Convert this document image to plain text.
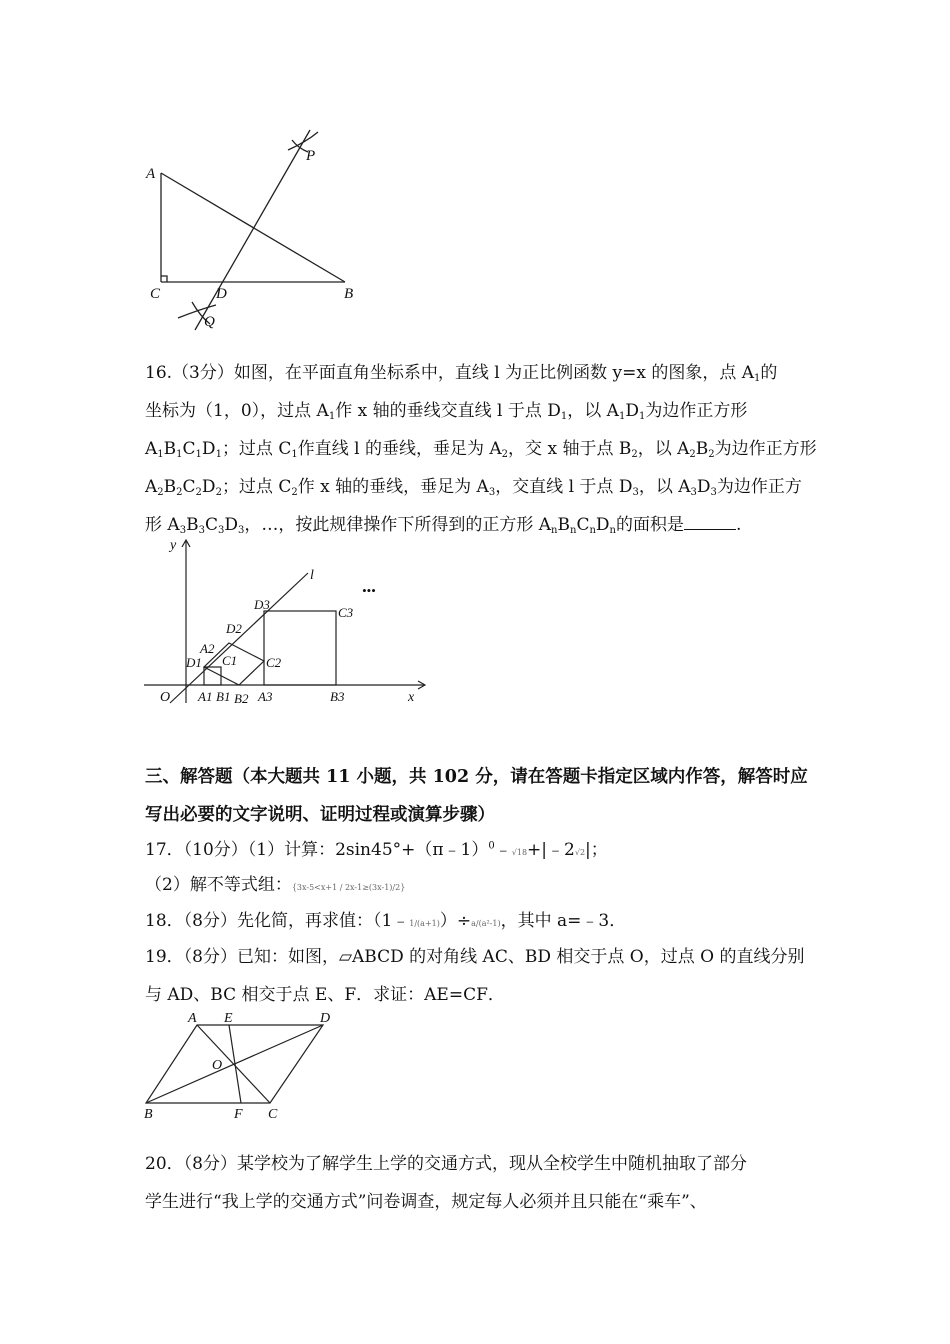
A
P
C	D	B
Q
16.（3分）如图，在平面直角坐标系中，直线 l 为正比例函数 y=x 的图象，点 $A_1$的
坐标为（1，0），过点 $A_1$作 x 轴的垂线交直线 l 于点 $D_1$，以 $A_1D_1$为边作正方形
$A_1B_1C_1D_1$；过点 $C_1$作直线 l 的垂线，垂足为 $A_2$，交 x 轴于点 $B_2$，以 $A_2B_2$为边作正方形
$A_2B_2C_2D_2$；过点 $C_2$作 x 轴的垂线，垂足为 $A_3$，交直线 l 于点 $D_3$，以 $A_3D_3$为边作正方
形 $A_3B_3C_3D_3$，…，按此规律操作下所得到的正方形 $A_nB_nC_nD_n$的面积是	.
y
l
x
O
D1
A2
C1
D2
D3
C2
C3
A1 B1 B2 A3	B3
•••
三、解答题（本大题共 11 小题，共 102 分，请在答题卡指定区域内作答，解答时应
写出必要的文字说明、证明过程或演算步骤）
17．（10分）（1）计算：2sin45°+（π﹣1）$^0$﹣√18+|﹣2√2|；
（2）解不等式组：{3x-5<x+1 / 2x-1≥(3x-1)/2}
18．（8分）先化简，再求值：（1﹣1/(a+1)）÷a/(a²-1)，其中 a=﹣3．
19．（8分）已知：如图，▱ABCD 的对角线 AC、BD 相交于点 O，过点 O 的直线分别
与 AD、BC 相交于点 E、F．求证：AE=CF．
A E	D
O
B	F C
20．（8分）某学校为了解学生上学的交通方式，现从全校学生中随机抽取了部分
学生进行“我上学的交通方式”问卷调查，规定每人必须并且只能在“乘车”、
